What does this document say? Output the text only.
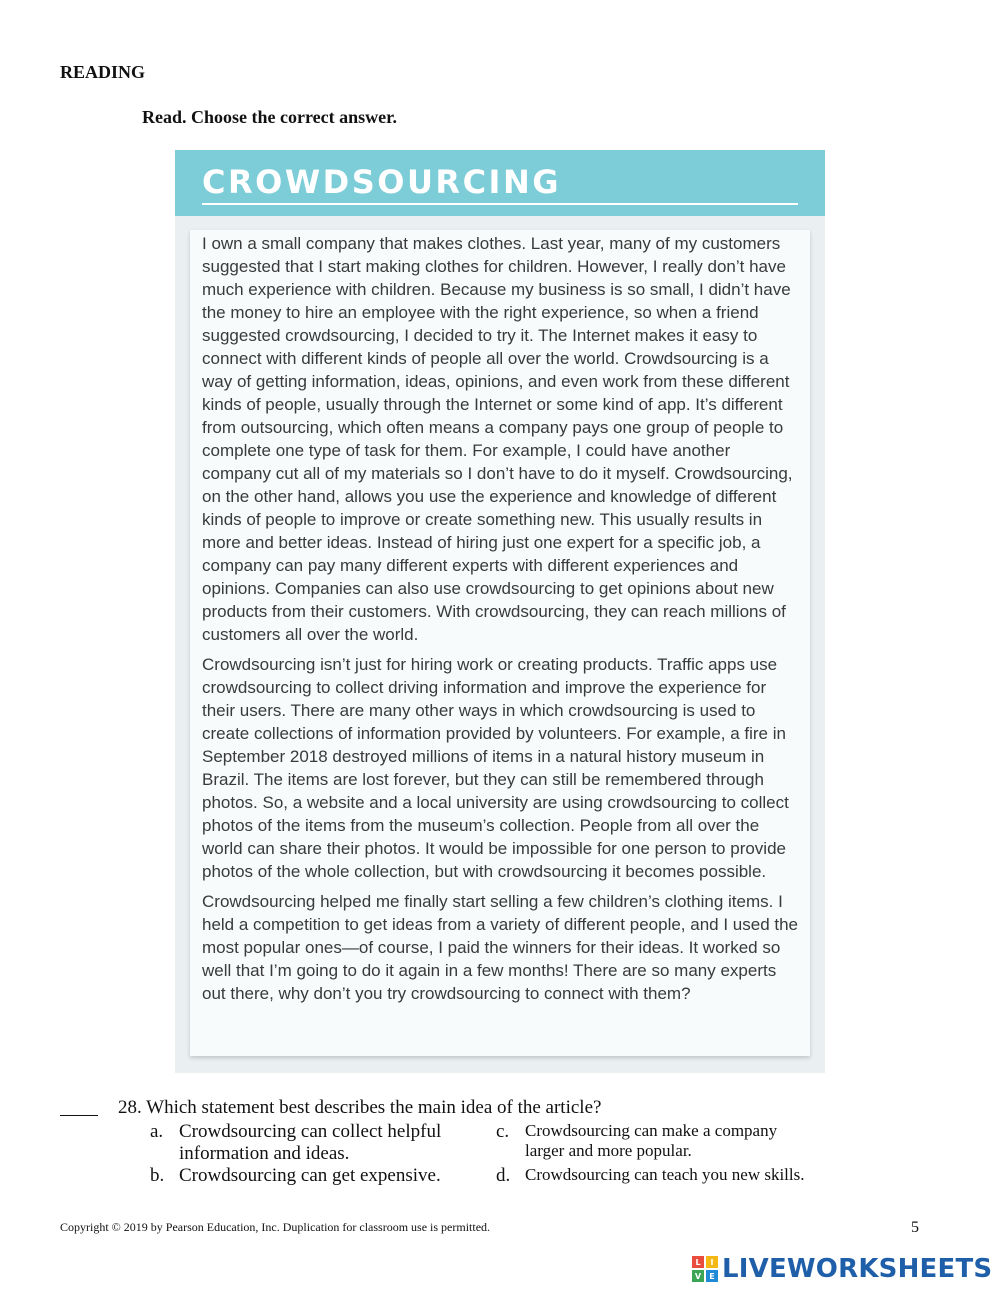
READING
Read. Choose the correct answer.
CROWDSOURCING

I own a small company that makes clothes. Last year, many of my customers suggested that I start making clothes for children. However, I really don’t have much experience with children. Because my business is so small, I didn’t have the money to hire an employee with the right experience, so when a friend suggested crowdsourcing, I decided to try it. The Internet makes it easy to connect with different kinds of people all over the world. Crowdsourcing is a way of getting information, ideas, opinions, and even work from these different kinds of people, usually through the Internet or some kind of app. It’s different from outsourcing, which often means a company pays one group of people to complete one type of task for them. For example, I could have another company cut all of my materials so I don’t have to do it myself. Crowdsourcing, on the other hand, allows you use the experience and knowledge of different kinds of people to improve or create something new. This usually results in more and better ideas. Instead of hiring just one expert for a specific job, a company can pay many different experts with different experiences and opinions. Companies can also use crowdsourcing to get opinions about new products from their customers. With crowdsourcing, they can reach millions of customers all over the world.

Crowdsourcing isn’t just for hiring work or creating products. Traffic apps use crowdsourcing to collect driving information and improve the experience for their users. There are many other ways in which crowdsourcing is used to create collections of information provided by volunteers. For example, a fire in September 2018 destroyed millions of items in a natural history museum in Brazil. The items are lost forever, but they can still be remembered through photos. So, a website and a local university are using crowdsourcing to collect photos of the items from the museum’s collection. People from all over the world can share their photos. It would be impossible for one person to provide photos of the whole collection, but with crowdsourcing it becomes possible.

Crowdsourcing helped me finally start selling a few children’s clothing items. I held a competition to get ideas from a variety of different people, and I used the most popular ones—of course, I paid the winners for their ideas. It worked so well that I’m going to do it again in a few months! There are so many experts out there, why don’t you try crowdsourcing to connect with them?

28. Which statement best describes the main idea of the article?
a. Crowdsourcing can collect helpful
information and ideas.
b. Crowdsourcing can get expensive.
c. Crowdsourcing can make a company
larger and more popular.
d. Crowdsourcing can teach you new skills.
Copyright © 2019 by Pearson Education, Inc. Duplication for classroom use is permitted.	5
L	I
V	E LIVEWORKSHEETS
